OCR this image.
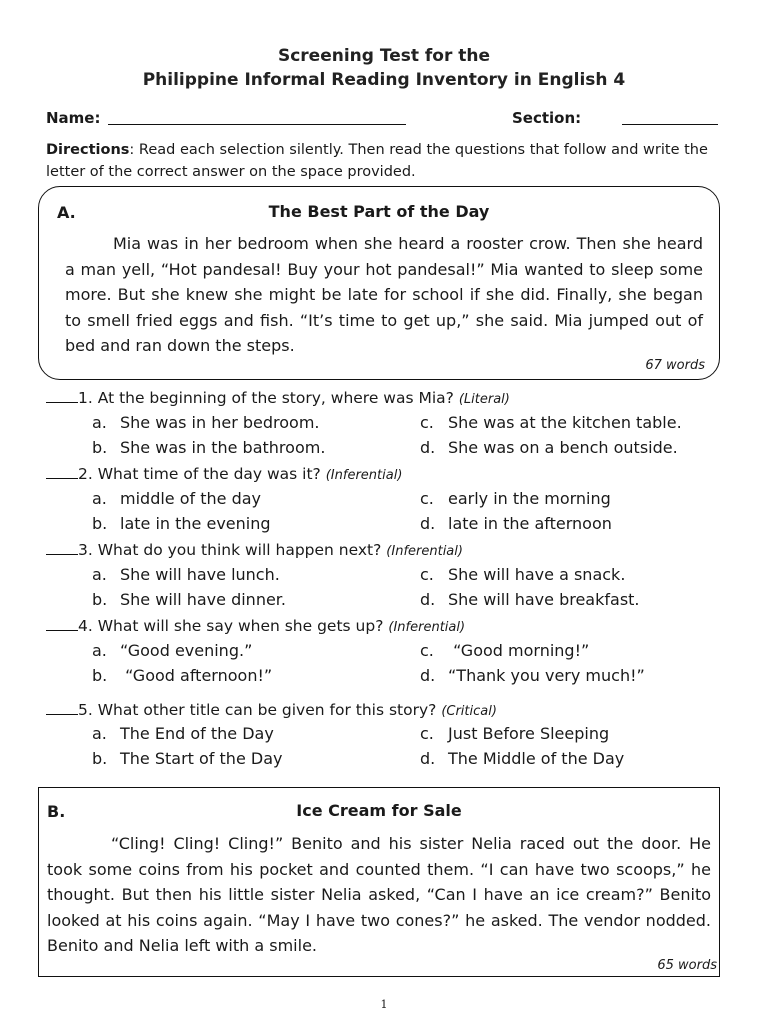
Screening Test for the
Philippine Informal Reading Inventory in English 4
Name:	Section:
Directions: Read each selection silently. Then read the questions that follow and write the letter of the correct answer on the space provided.
A.	The Best Part of the Day
Mia was in her bedroom when she heard a rooster crow. Then she heard a man yell, “Hot pandesal! Buy your hot pandesal!” Mia wanted to sleep some more. But she knew she might be late for school if she did. Finally, she began to smell fried eggs and fish. “It’s time to get up,” she said. Mia jumped out of bed and ran down the steps.
67 words
1. At the beginning of the story, where was Mia? (Literal)
a. She was in her bedroom.	c. She was at the kitchen table.
b. She was in the bathroom.	d. She was on a bench outside.
2. What time of the day was it? (Inferential)
a. middle of the day	c. early in the morning
b. late in the evening	d. late in the afternoon
3. What do you think will happen next? (Inferential)
a. She will have lunch.	c. She will have a snack.
b. She will have dinner.	d. She will have breakfast.
4. What will she say when she gets up? (Inferential)
a. “Good evening.”	c. “Good morning!”
b. “Good afternoon!”	d. “Thank you very much!”
5. What other title can be given for this story? (Critical)
a. The End of the Day	c. Just Before Sleeping
b. The Start of the Day	d. The Middle of the Day
B.	Ice Cream for Sale
“Cling! Cling! Cling!” Benito and his sister Nelia raced out the door. He took some coins from his pocket and counted them. “I can have two scoops,” he thought. But then his little sister Nelia asked, “Can I have an ice cream?” Benito looked at his coins again. “May I have two cones?” he asked. The vendor nodded. Benito and Nelia left with a smile.
65 words
1
